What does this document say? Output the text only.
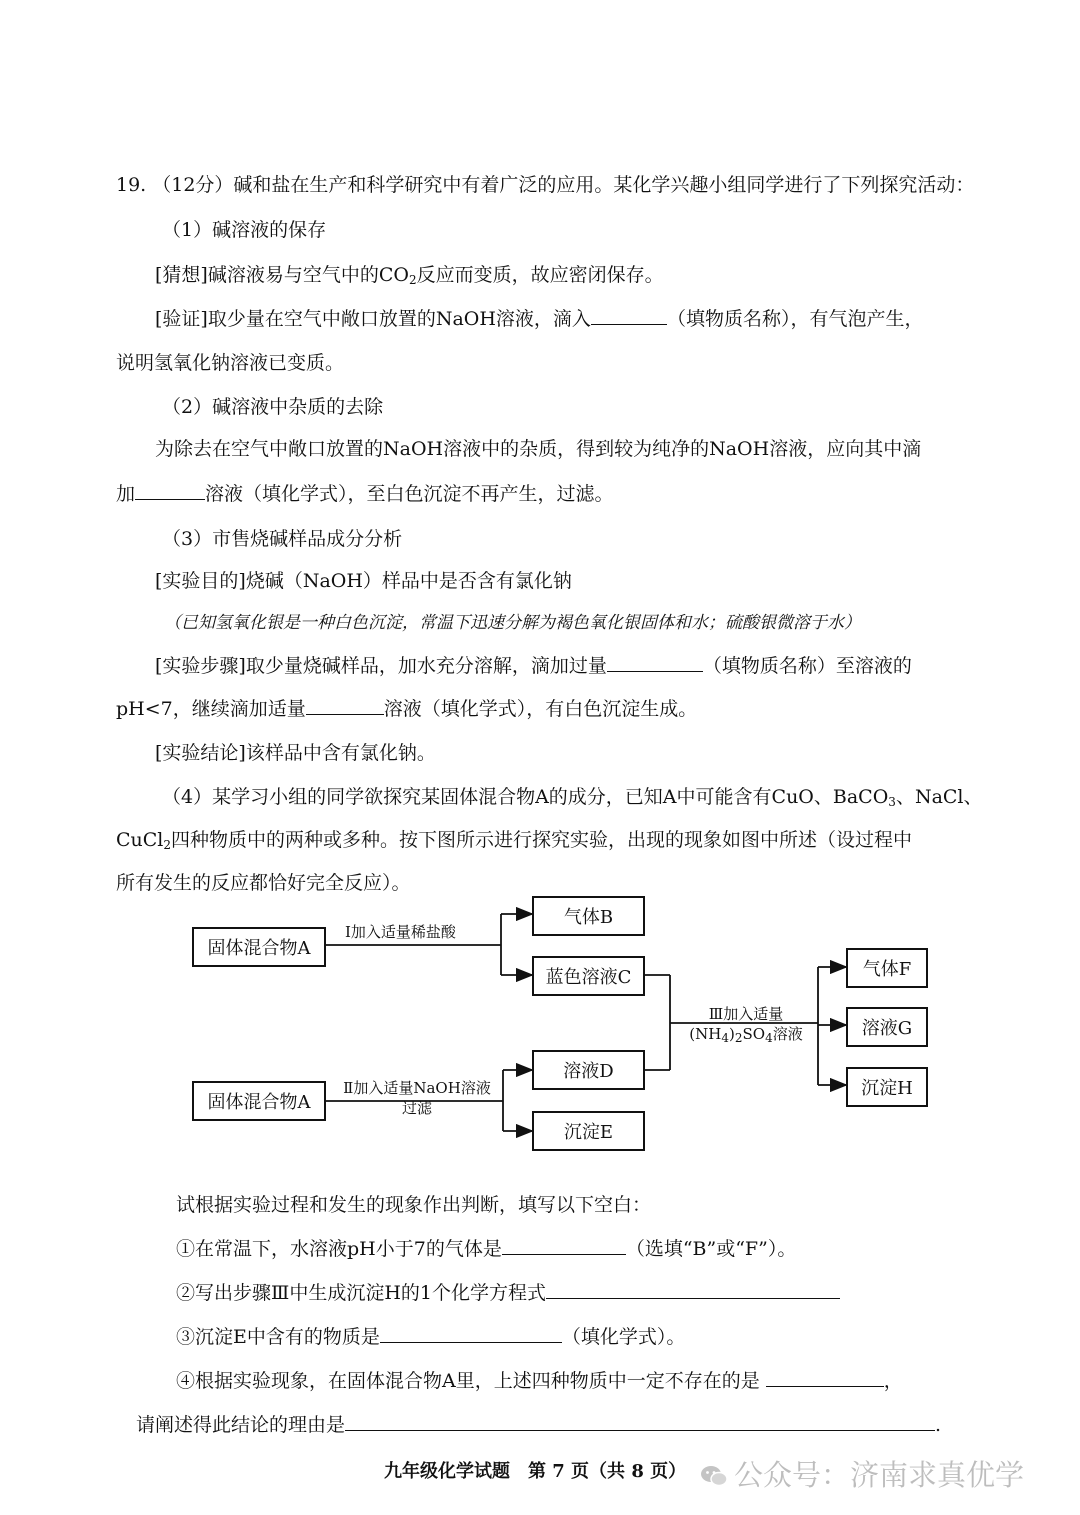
19. （12分）碱和盐在生产和科学研究中有着广泛的应用。某化学兴趣小组同学进行了下列探究活动：
（1）碱溶液的保存
[猜想]碱溶液易与空气中的$CO_2$反应而变质，故应密闭保存。
[验证]取少量在空气中敞口放置的NaOH溶液，滴入	（填物质名称），有气泡产生，
说明氢氧化钠溶液已变质。
（2）碱溶液中杂质的去除
为除去在空气中敞口放置的NaOH溶液中的杂质，得到较为纯净的NaOH溶液，应向其中滴
加	溶液（填化学式），至白色沉淀不再产生，过滤。
（3）市售烧碱样品成分分析
[实验目的]烧碱（NaOH）样品中是否含有氯化钠
（已知氢氧化银是一种白色沉淀，常温下迅速分解为褐色氧化银固体和水；硫酸银微溶于水）
[实验步骤]取少量烧碱样品，加水充分溶解，滴加过量	（填物质名称）至溶液的
pH<7，继续滴加适量	溶液（填化学式），有白色沉淀生成。
[实验结论]该样品中含有氯化钠。
（4）某学习小组的同学欲探究某固体混合物A的成分，已知A中可能含有CuO、BaCO$_3$、NaCl、
CuCl$_2$四种物质中的两种或多种。按下图所示进行探究实验，出现的现象如图中所述（设过程中
所有发生的反应都恰好完全反应）。
固体混合物A
固体混合物A
气体B
蓝色溶液C
溶液D
沉淀E
气体F
溶液G
沉淀H
Ⅰ加入适量稀盐酸
Ⅱ加入适量NaOH溶液
过滤
Ⅲ加入适量
$(NH_4)_2SO_4$溶液
试根据实验过程和发生的现象作出判断，填写以下空白：
①在常温下，水溶液pH小于7的气体是	（选填“B”或“F”）。
②写出步骤Ⅲ中生成沉淀H的1个化学方程式
③沉淀E中含有的物质是	（填化学式）。
④根据实验现象，在固体混合物A里，上述四种物质中一定不存在的是	，
请阐述得此结论的理由是	.
九年级化学试题　第 7 页（共 8 页）	公众号：济南求真优学
